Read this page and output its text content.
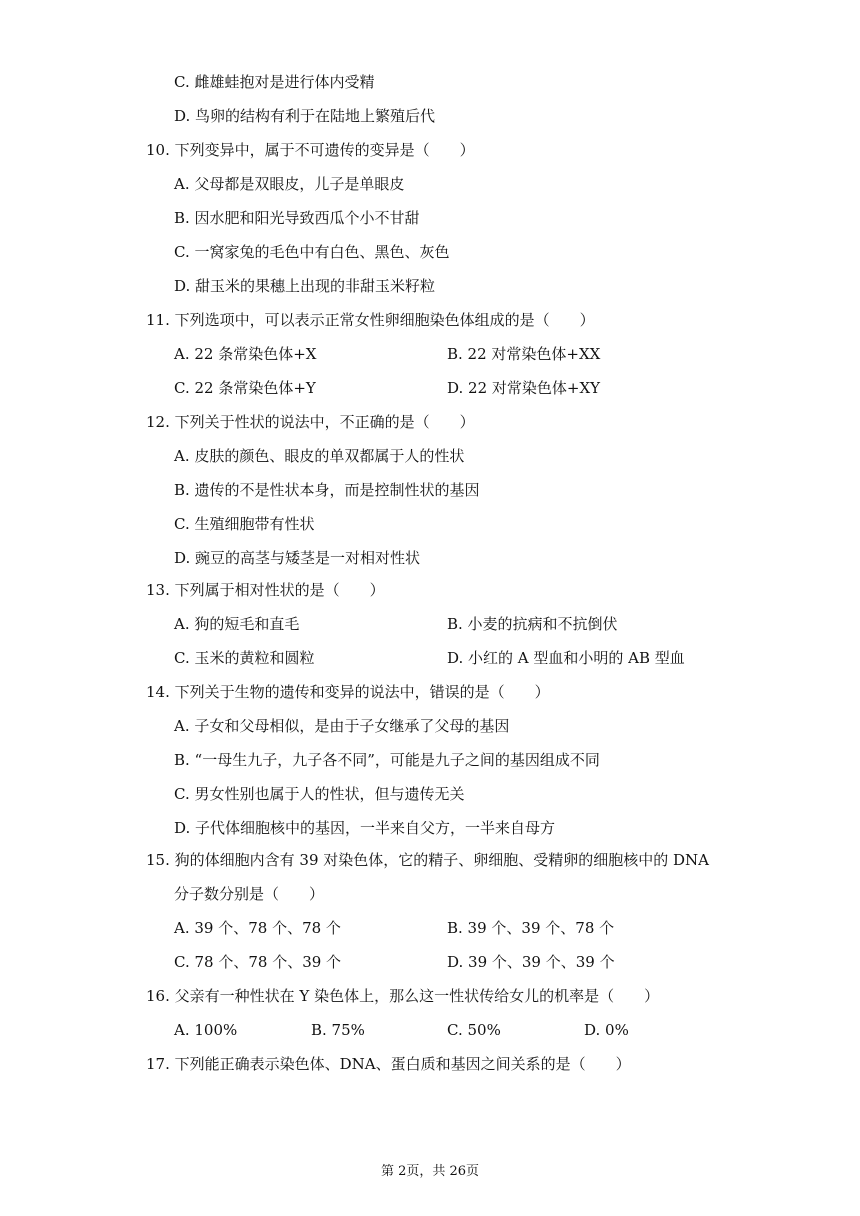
C. 雌雄蛙抱对是进行体内受精
D. 鸟卵的结构有利于在陆地上繁殖后代
10. 下列变异中，属于不可遗传的变异是（　　）
A. 父母都是双眼皮，儿子是单眼皮
B. 因水肥和阳光导致西瓜个小不甘甜
C. 一窝家兔的毛色中有白色、黑色、灰色
D. 甜玉米的果穗上出现的非甜玉米籽粒
11. 下列选项中，可以表示正常女性卵细胞染色体组成的是（　　）
A. 22 条常染色体+X	B. 22 对常染色体+XX
C. 22 条常染色体+Y	D. 22 对常染色体+XY
12. 下列关于性状的说法中，不正确的是（　　）
A. 皮肤的颜色、眼皮的单双都属于人的性状
B. 遗传的不是性状本身，而是控制性状的基因
C. 生殖细胞带有性状
D. 豌豆的高茎与矮茎是一对相对性状
13. 下列属于相对性状的是（　　）
A. 狗的短毛和直毛	B. 小麦的抗病和不抗倒伏
C. 玉米的黄粒和圆粒	D. 小红的 A 型血和小明的 AB 型血
14. 下列关于生物的遗传和变异的说法中，错误的是（　　）
A. 子女和父母相似，是由于子女继承了父母的基因
B. “一母生九子，九子各不同”，可能是九子之间的基因组成不同
C. 男女性别也属于人的性状，但与遗传无关
D. 子代体细胞核中的基因，一半来自父方，一半来自母方
15. 狗的体细胞内含有 39 对染色体，它的精子、卵细胞、受精卵的细胞核中的 DNA
分子数分别是（　　）
A. 39 个、78 个、78 个	B. 39 个、39 个、78 个
C. 78 个、78 个、39 个	D. 39 个、39 个、39 个
16. 父亲有一种性状在 Y 染色体上，那么这一性状传给女儿的机率是（　　）
A. 100%	B. 75%	C. 50%	D. 0%
17. 下列能正确表示染色体、DNA、蛋白质和基因之间关系的是（　　）
第 2页，共 26页
